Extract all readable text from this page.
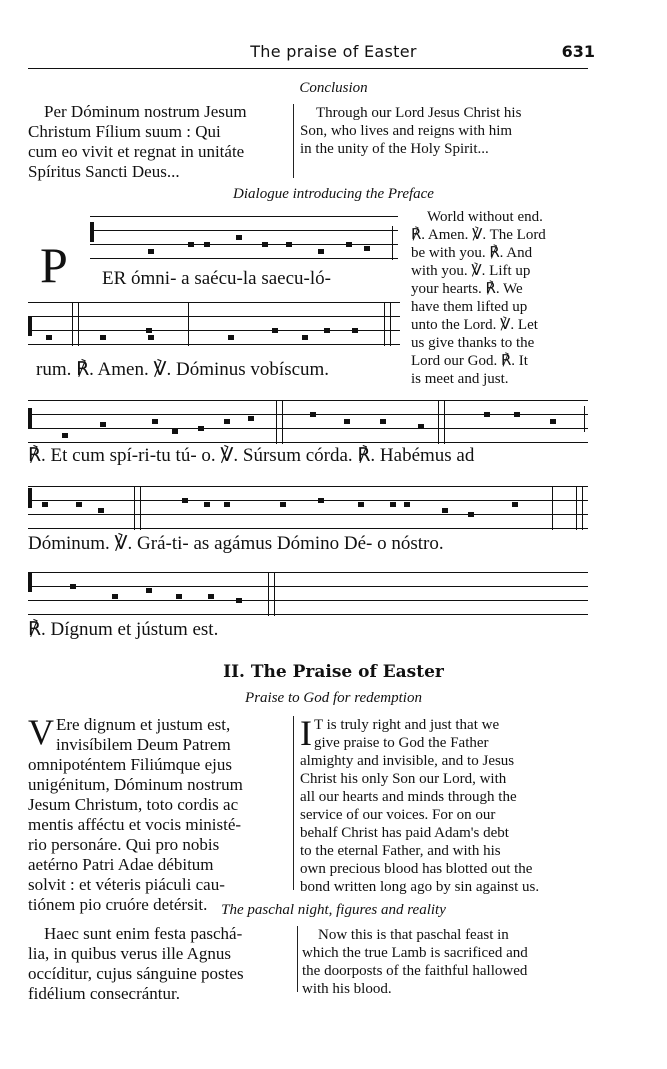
The praise of Easter	631
Conclusion
Per Dóminum nostrum Jesum
Christum Fílium suum : Qui
cum eo vivit et regnat in unitáte
Spíritus Sancti Deus...
Through our Lord Jesus Christ his
Son, who lives and reigns with him
in the unity of the Holy Spirit...
Dialogue introducing the Preface
P ER ómni- a saécu-la saecu-ló-
rum. ℟. Amen. ℣. Dóminus vobíscum.
World without end.
℟. Amen. ℣. The Lord
be with you. ℟. And
with you. ℣. Lift up
your hearts. ℟. We
have them lifted up
unto the Lord. ℣. Let
us give thanks to the
Lord our God. ℟. It
is meet and just.
℟. Et cum spí-ri-tu tú- o. ℣. Súrsum córda. ℟. Habémus ad
Dóminum. ℣. Grá-ti- as agámus Dómino Dé- o nóstro.
℟. Dígnum et jústum est.
II. The Praise of Easter
Praise to God for redemption
V Ere dignum et justum est,
invisíbilem Deum Patrem
omnipoténtem Filiúmque ejus
unigénitum, Dóminum nostrum
Jesum Christum, toto cordis ac
mentis afféctu et vocis ministé-
rio personáre. Qui pro nobis
aetérno Patri Adae débitum
solvit : et véteris piáculi cau-
tiónem pio cruóre detérsit.
I T is truly right and just that we
give praise to God the Father
almighty and invisible, and to Jesus
Christ his only Son our Lord, with
all our hearts and minds through the
service of our voices. For on our
behalf Christ has paid Adam's debt
to the eternal Father, and with his
own precious blood has blotted out the
bond written long ago by sin against us.
The paschal night, figures and reality
Haec sunt enim festa paschá-
lia, in quibus verus ille Agnus
occíditur, cujus sánguine postes
fidélium consecrántur.
Now this is that paschal feast in
which the true Lamb is sacrificed and
the doorposts of the faithful hallowed
with his blood.
